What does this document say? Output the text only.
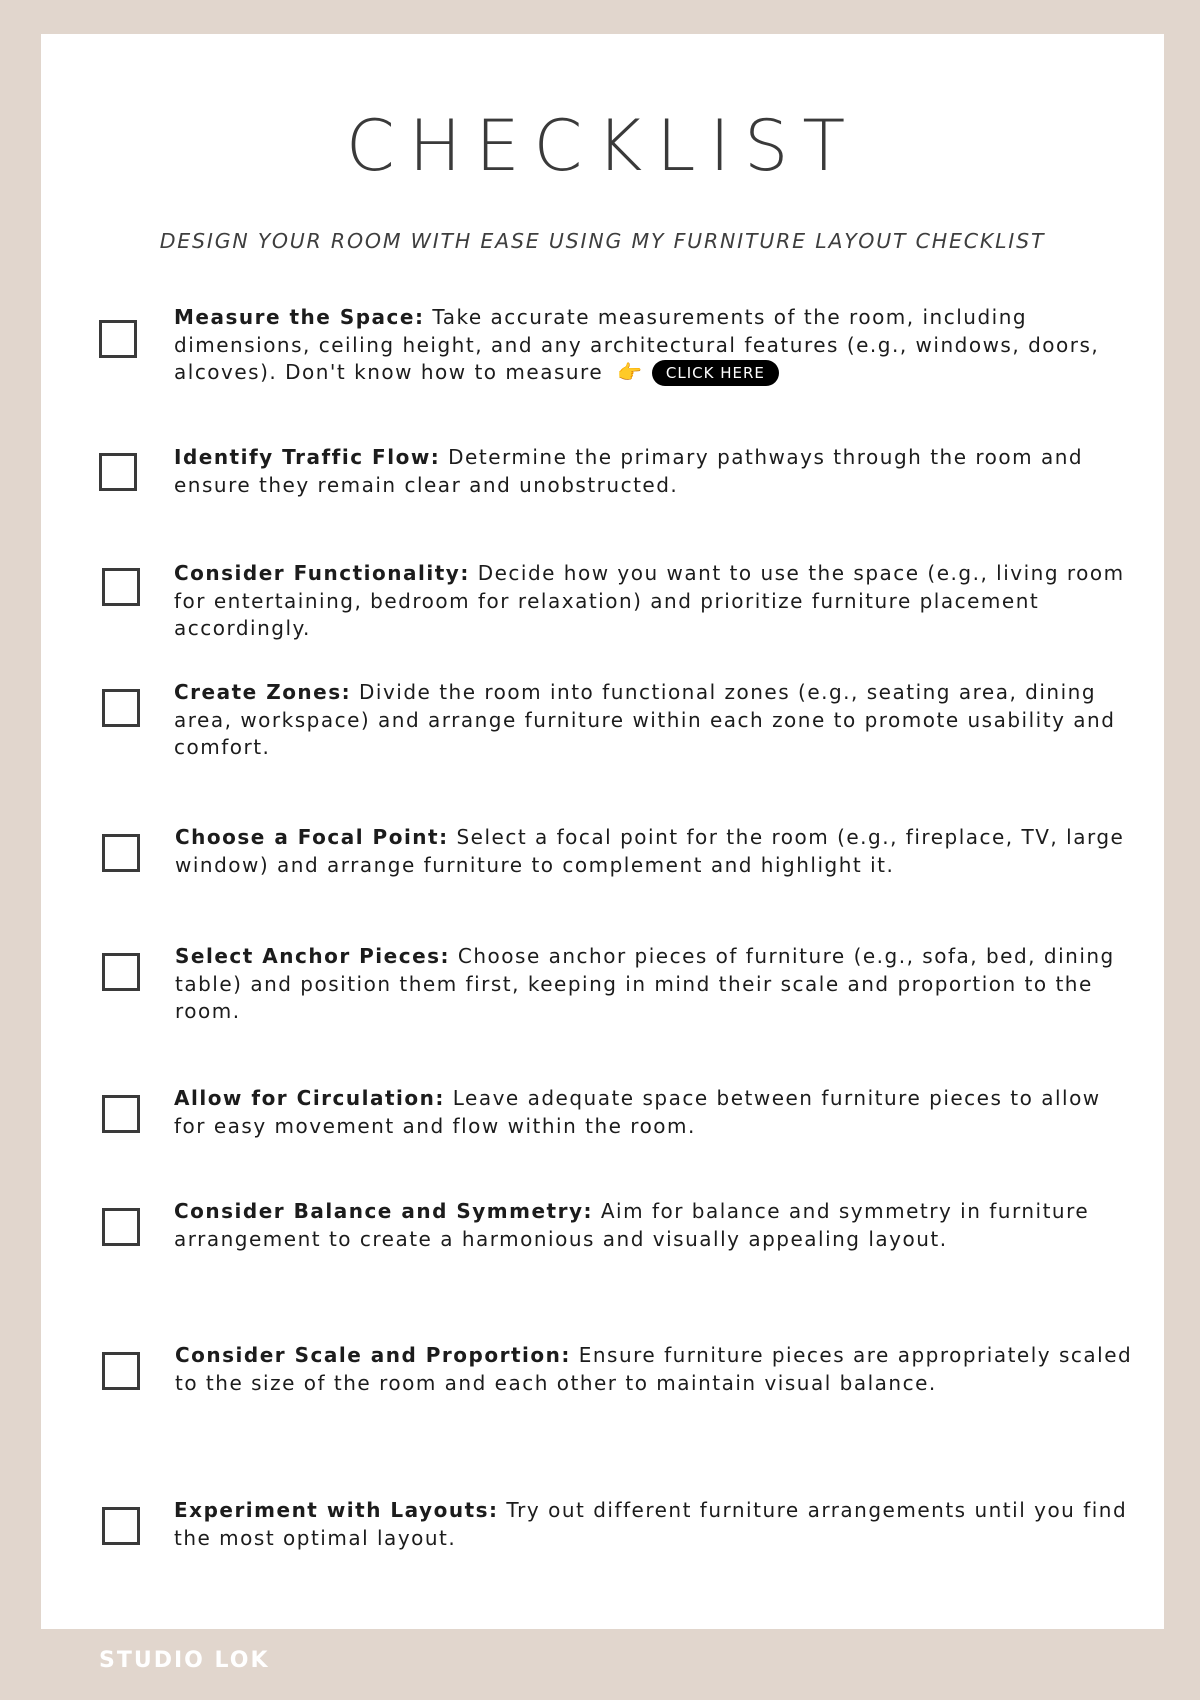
CHECKLIST
DESIGN YOUR ROOM WITH EASE USING MY FURNITURE LAYOUT CHECKLIST
Measure the Space: Take accurate measurements of the room, including dimensions, ceiling height, and any architectural features (e.g., windows, doors, alcoves). Don't know how to measure 👉 CLICK HERE
Identify Traffic Flow: Determine the primary pathways through the room and ensure they remain clear and unobstructed.
Consider Functionality: Decide how you want to use the space (e.g., living room for entertaining, bedroom for relaxation) and prioritize furniture placement accordingly.
Create Zones: Divide the room into functional zones (e.g., seating area, dining area, workspace) and arrange furniture within each zone to promote usability and comfort.
Choose a Focal Point: Select a focal point for the room (e.g., fireplace, TV, large window) and arrange furniture to complement and highlight it.
Select Anchor Pieces: Choose anchor pieces of furniture (e.g., sofa, bed, dining table) and position them first, keeping in mind their scale and proportion to the room.
Allow for Circulation: Leave adequate space between furniture pieces to allow for easy movement and flow within the room.
Consider Balance and Symmetry: Aim for balance and symmetry in furniture arrangement to create a harmonious and visually appealing layout.
Consider Scale and Proportion: Ensure furniture pieces are appropriately scaled to the size of the room and each other to maintain visual balance.
Experiment with Layouts: Try out different furniture arrangements until you find the most optimal layout.
STUDIO LOK
